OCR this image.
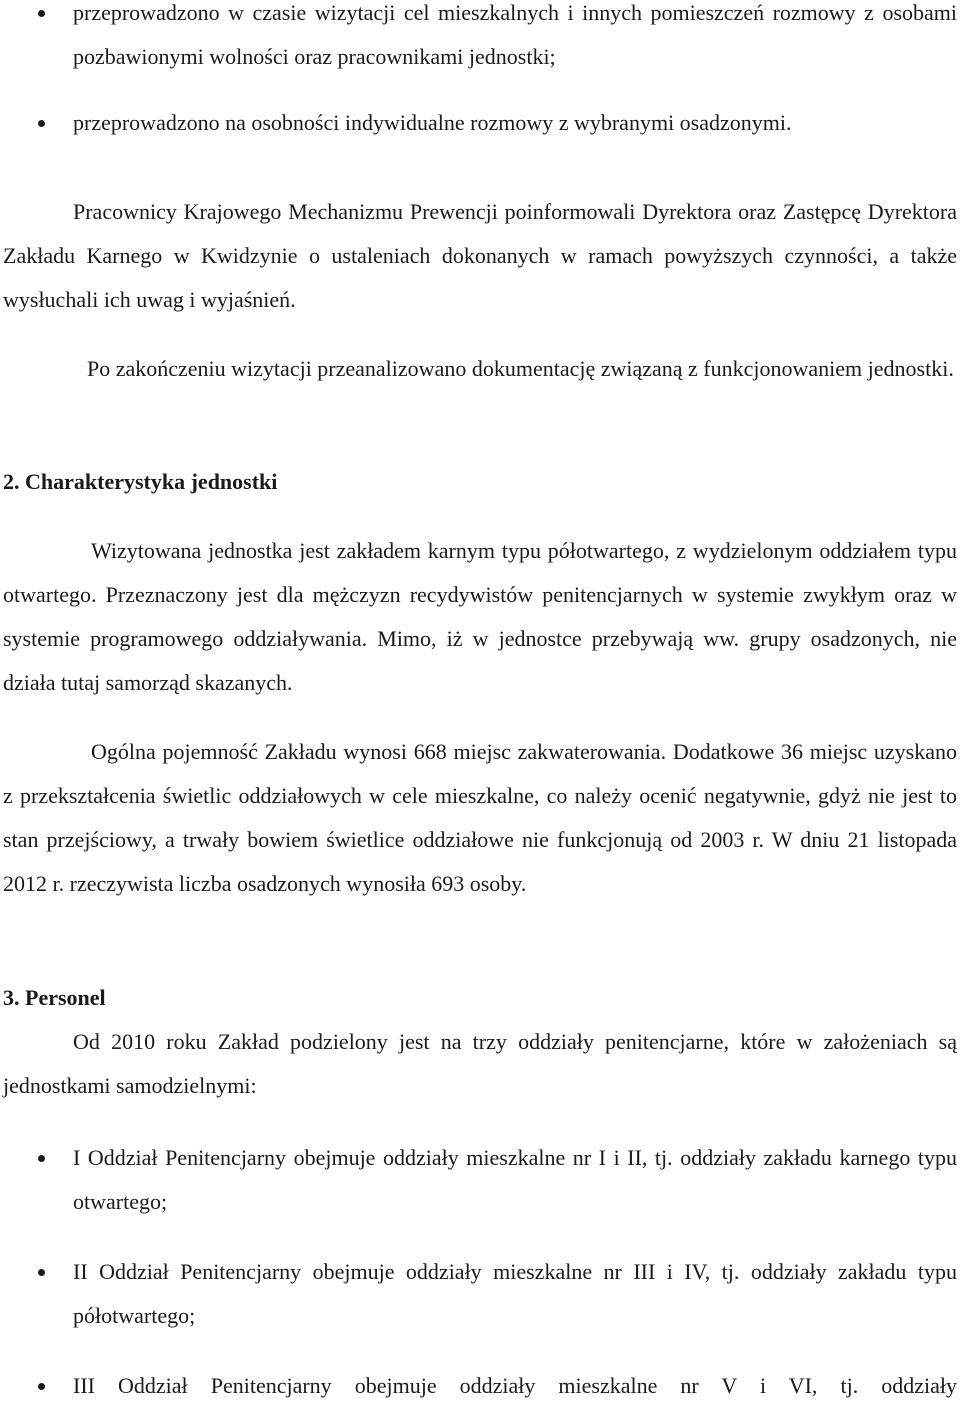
przeprowadzono w czasie wizytacji cel mieszkalnych i innych pomieszczeń rozmowy z osobami pozbawionymi wolności oraz pracownikami jednostki;

przeprowadzono na osobności indywidualne rozmowy z wybranymi osadzonymi.

Pracownicy Krajowego Mechanizmu Prewencji poinformowali Dyrektora oraz Zastępcę Dyrektora Zakładu Karnego w Kwidzynie o ustaleniach dokonanych w ramach powyższych czynności, a także wysłuchali ich uwag i wyjaśnień.

Po zakończeniu wizytacji przeanalizowano dokumentację związaną z funkcjonowaniem jednostki.

2. Charakterystyka jednostki

Wizytowana jednostka jest zakładem karnym typu półotwartego, z wydzielonym oddziałem typu otwartego. Przeznaczony jest dla mężczyzn recydywistów penitencjarnych w systemie zwykłym oraz w systemie programowego oddziaływania. Mimo, iż w jednostce przebywają ww. grupy osadzonych, nie działa tutaj samorząd skazanych.

Ogólna pojemność Zakładu wynosi 668 miejsc zakwaterowania. Dodatkowe 36 miejsc uzyskano z przekształcenia świetlic oddziałowych w cele mieszkalne, co należy ocenić negatywnie, gdyż nie jest to stan przejściowy, a trwały bowiem świetlice oddziałowe nie funkcjonują od 2003 r. W dniu 21 listopada 2012 r. rzeczywista liczba osadzonych wynosiła 693 osoby.

3. Personel

Od 2010 roku Zakład podzielony jest na trzy oddziały penitencjarne, które w założeniach są jednostkami samodzielnymi:

I Oddział Penitencjarny obejmuje oddziały mieszkalne nr I i II, tj. oddziały zakładu karnego typu otwartego;

II Oddział Penitencjarny obejmuje oddziały mieszkalne nr III i IV, tj. oddziały zakładu typu półotwartego;

III Oddział Penitencjarny obejmuje oddziały mieszkalne nr V i VI, tj. oddziały
